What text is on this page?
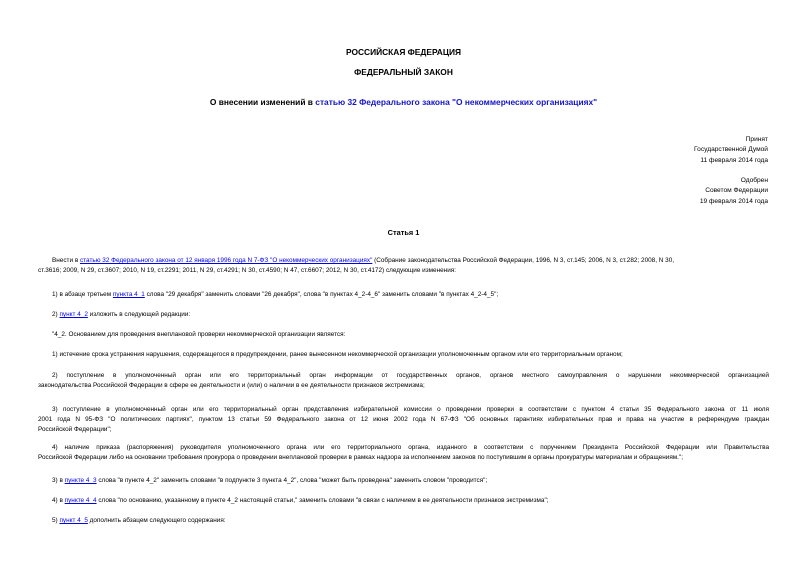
РОССИЙСКАЯ ФЕДЕРАЦИЯ
ФЕДЕРАЛЬНЫЙ ЗАКОН
О внесении изменений в статью 32 Федерального закона "О некоммерческих организациях"
Принят
Государственной Думой
11 февраля 2014 года
Одобрен
Советом Федерации
19 февраля 2014 года
Статья 1
Внести в статью 32 Федерального закона от 12 января 1996 года N 7-ФЗ "О некоммерческих организациях" (Собрание законодательства Российской Федерации, 1996, N 3, ст.145; 2006, N 3, ст.282; 2008, N 30,
ст.3616; 2009, N 29, ст.3607; 2010, N 19, ст.2291; 2011, N 29, ст.4291; N 30, ст.4590; N 47, ст.6607; 2012, N 30, ст.4172) следующие изменения:
1) в абзаце третьем пункта 4_1 слова "29 декабря" заменить словами "26 декабря", слова "в пунктах 4_2-4_6" заменить словами "в пунктах 4_2-4_5";
2) пункт 4_2 изложить в следующей редакции:
"4_2. Основанием для проведения внеплановой проверки некоммерческой организации является:
1) истечение срока устранения нарушения, содержащегося в предупреждении, ранее вынесенном некоммерческой организации уполномоченным органом или его территориальным органом;
2) поступление в уполномоченный орган или его территориальный орган информации от государственных органов, органов местного самоуправления о нарушении некоммерческой организацией
законодательства Российской Федерации в сфере ее деятельности и (или) о наличии в ее деятельности признаков экстремизма;
3) поступление в уполномоченный орган или его территориальный орган представления избирательной комиссии о проведении проверки в соответствии с пунктом 4 статьи 35 Федерального закона от 11 июля
2001 года N 95-ФЗ "О политических партиях", пунктом 13 статьи 59 Федерального закона от 12 июня 2002 года N 67-ФЗ "Об основных гарантиях избирательных прав и права на участие в референдуме граждан
Российской Федерации";
4) наличие приказа (распоряжения) руководителя уполномоченного органа или его территориального органа, изданного в соответствии с поручением Президента Российской Федерации или Правительства
Российской Федерации либо на основании требования прокурора о проведении внеплановой проверки в рамках надзора за исполнением законов по поступившим в органы прокуратуры материалам и обращениям.";
3) в пункте 4_3 слова "в пункте 4_2" заменить словами "в подпункте 3 пункта 4_2", слова "может быть проведена" заменить словом "проводится";
4) в пункте 4_4 слова "по основанию, указанному в пункте 4_2 настоящей статьи," заменить словами "в связи с наличием в ее деятельности признаков экстремизма";
5) пункт 4_5 дополнить абзацем следующего содержания:
